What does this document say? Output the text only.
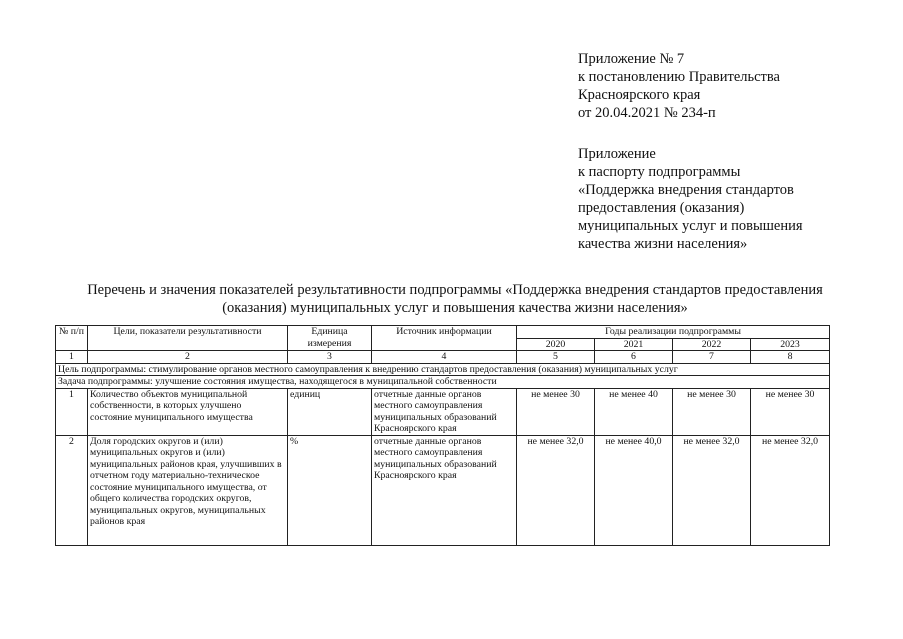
Приложение № 7
к постановлению Правительства
Красноярского края
от 20.04.2021 № 234-п
Приложение
к паспорту подпрограммы
«Поддержка внедрения стандартов
предоставления (оказания)
муниципальных услуг и повышения
качества жизни населения»
Перечень и значения показателей результативности подпрограммы «Поддержка внедрения стандартов предоставления
(оказания) муниципальных услуг и повышения качества жизни населения»
№ п/п	Цели, показатели результативности	Единица измерения	Источник информации	Годы реализации подпрограммы			
				2020	2021	2022	2023
1	2	3	4	5	6	7	8
Цель подпрограммы: стимулирование органов местного самоуправления к внедрению стандартов предоставления (оказания) муниципальных услуг							
Задача подпрограммы: улучшение состояния имущества, находящегося в муниципальной собственности							
1	Количество объектов муниципальной собственности, в которых улучшено состояние муниципального имущества	единиц	отчетные данные органов местного самоуправления муниципальных образований Красноярского края	не менее 30	не менее 40	не менее 30	не менее 30
2	Доля городских округов и (или) муниципальных округов и (или) муниципальных районов края, улучшивших в отчетном году материально-техническое состояние муниципального имущества, от общего количества городских округов, муниципальных округов, муниципальных районов края	%	отчетные данные органов местного самоуправления муниципальных образований Красноярского края	не менее 32,0	не менее 40,0	не менее 32,0	не менее 32,0
